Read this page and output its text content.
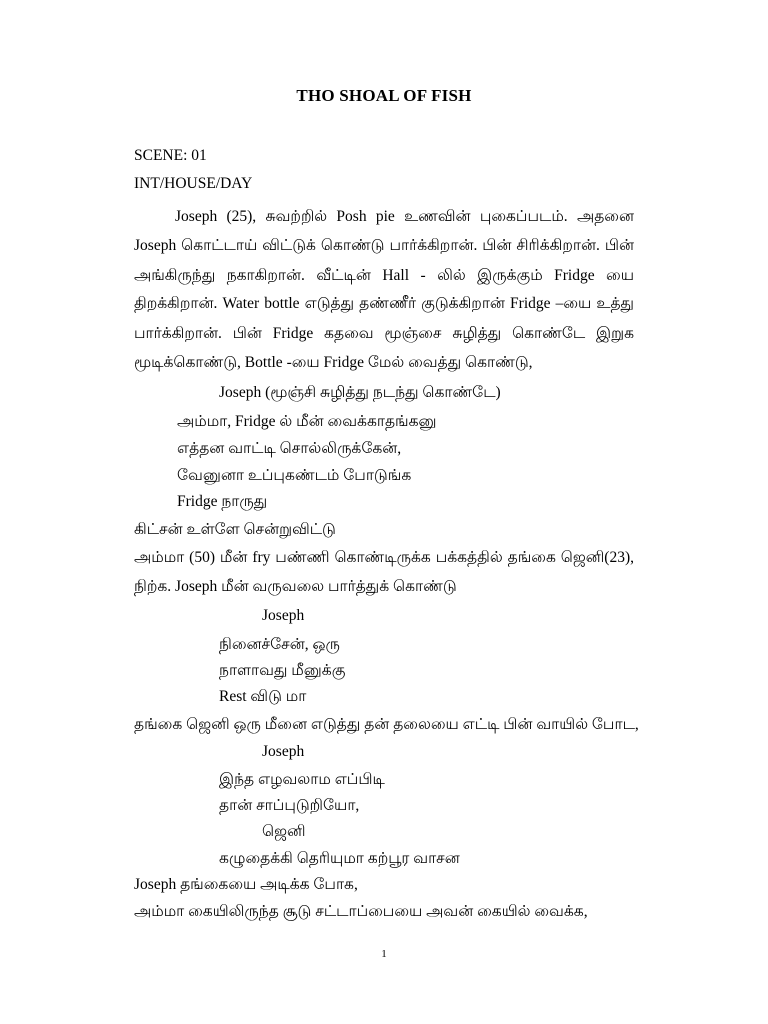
THO SHOAL OF FISH
SCENE: 01
INT/HOUSE/DAY
Joseph (25), சுவற்றில் Posh pie உணவின் புகைப்படம். அதனை
Joseph கொட்டாய் விட்டுக் கொண்டு பார்க்கிறான். பின் சிரிக்கிறான். பின்
அங்கிருந்து நகாகிறான். வீட்டின் Hall - லில் இருக்கும் Fridge யை
திறக்கிறான். Water bottle எடுத்து தண்ணீர் குடுக்கிறான் Fridge –யை உத்து
பார்க்கிறான். பின் Fridge கதவை மூஞ்சை சுழித்து கொண்டே இறுக
மூடிக்கொண்டு, Bottle -யை Fridge மேல் வைத்து கொண்டு,
Joseph (மூஞ்சி சுழித்து நடந்து கொண்டே)
அம்மா, Fridge ல் மீன் வைக்காதங்கனு
எத்தன வாட்டி சொல்லிருக்கேன்,
வேனுனா உப்புகண்டம் போடுங்க
Fridge நாருது
கிட்சன் உள்ளே சென்றுவிட்டு
அம்மா (50) மீன் fry பண்ணி கொண்டிருக்க பக்கத்தில் தங்கை ஜெனி(23),
நிற்க. Joseph மீன் வருவலை பார்த்துக் கொண்டு
Joseph
நினைச்சேன், ஒரு
நாளாவது மீனுக்கு
Rest விடு மா
தங்கை ஜெனி ஒரு மீனை எடுத்து தன் தலையை எட்டி பின் வாயில் போட,
Joseph
இந்த எழவலாம எப்பிடி
தான் சாப்புடுறியோ,
ஜெனி
கழுதைக்கி தெரியுமா கற்பூர வாசன
Joseph தங்கையை அடிக்க போக,
அம்மா கையிலிருந்த சூடு சட்டாப்பையை அவன் கையில் வைக்க,
1
